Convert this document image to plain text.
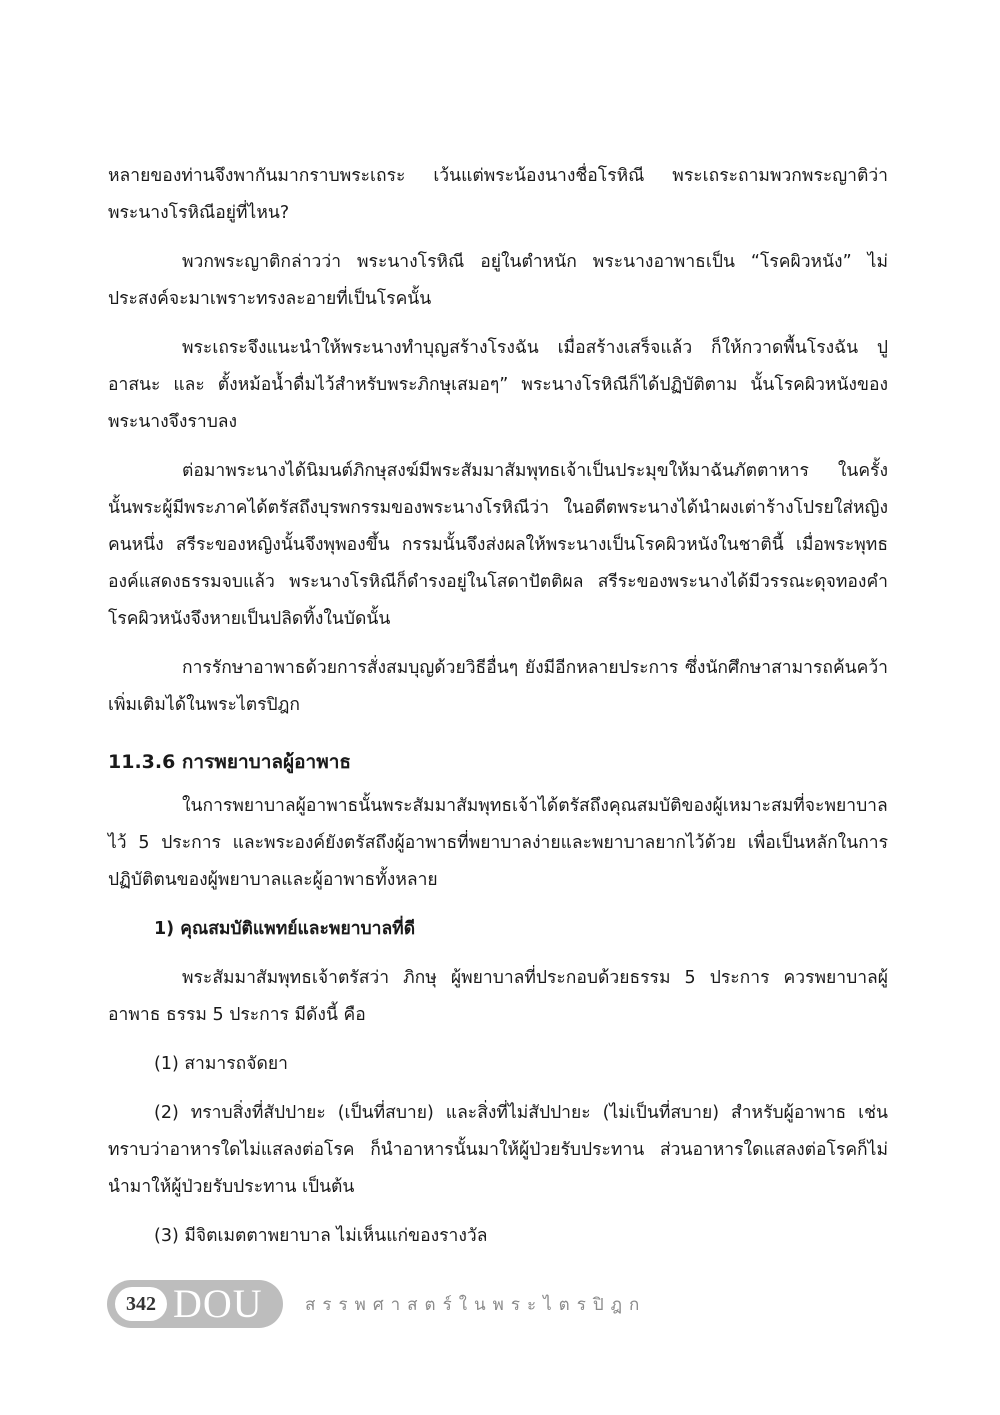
หลายของท่านจึงพากันมากราบพระเถระ เว้นแต่พระน้องนางชื่อโรหิณี พระเถระถามพวกพระญาติว่า พระนางโรหิณีอยู่ที่ไหน?

พวกพระญาติกล่าวว่า พระนางโรหิณี อยู่ในตำหนัก พระนางอาพาธเป็น “โรคผิวหนัง” ไม่ประสงค์จะมาเพราะทรงละอายที่เป็นโรคนั้น

พระเถระจึงแนะนำให้พระนางทำบุญสร้างโรงฉัน เมื่อสร้างเสร็จแล้ว ก็ให้กวาดพื้นโรงฉัน ปูอาสนะ และ ตั้งหม้อน้ำดื่มไว้สำหรับพระภิกษุเสมอๆ” พระนางโรหิณีก็ได้ปฏิบัติตาม นั้นโรคผิวหนังของพระนางจึงราบลง

ต่อมาพระนางได้นิมนต์ภิกษุสงฆ์มีพระสัมมาสัมพุทธเจ้าเป็นประมุขให้มาฉันภัตตาหาร ในครั้งนั้นพระผู้มีพระภาคได้ตรัสถึงบุรพกรรมของพระนางโรหิณีว่า ในอดีตพระนางได้นำผงเต่าร้างโปรยใส่หญิงคนหนึ่ง สรีระของหญิงนั้นจึงพุพองขึ้น กรรมนั้นจึงส่งผลให้พระนางเป็นโรคผิวหนังในชาตินี้ เมื่อพระพุทธองค์แสดงธรรมจบแล้ว พระนางโรหิณีก็ดำรงอยู่ในโสดาปัตติผล สรีระของพระนางได้มีวรรณะดุจทองคำ โรคผิวหนังจึงหายเป็นปลิดทิ้งในบัดนั้น

การรักษาอาพาธด้วยการสั่งสมบุญด้วยวิธีอื่นๆ ยังมีอีกหลายประการ ซึ่งนักศึกษาสามารถค้นคว้าเพิ่มเติมได้ในพระไตรปิฎก

11.3.6 การพยาบาลผู้อาพาธ

ในการพยาบาลผู้อาพาธนั้นพระสัมมาสัมพุทธเจ้าได้ตรัสถึงคุณสมบัติของผู้เหมาะสมที่จะพยาบาลไว้ 5 ประการ และพระองค์ยังตรัสถึงผู้อาพาธที่พยาบาลง่ายและพยาบาลยากไว้ด้วย เพื่อเป็นหลักในการปฏิบัติตนของผู้พยาบาลและผู้อาพาธทั้งหลาย

1) คุณสมบัติแพทย์และพยาบาลที่ดี

พระสัมมาสัมพุทธเจ้าตรัสว่า ภิกษุ ผู้พยาบาลที่ประกอบด้วยธรรม 5 ประการ ควรพยาบาลผู้อาพาธ ธรรม 5 ประการ มีดังนี้ คือ

(1) สามารถจัดยา

(2) ทราบสิ่งที่สัปปายะ (เป็นที่สบาย) และสิ่งที่ไม่สัปปายะ (ไม่เป็นที่สบาย) สำหรับผู้อาพาธ เช่น ทราบว่าอาหารใดไม่แสลงต่อโรค ก็นำอาหารนั้นมาให้ผู้ป่วยรับประทาน ส่วนอาหารใดแสลงต่อโรคก็ไม่นำมาให้ผู้ป่วยรับประทาน เป็นต้น

(3) มีจิตเมตตาพยาบาล ไม่เห็นแก่ของรางวัล

342 DOU สรรพศาสตร์ในพระไตรปิฎก
